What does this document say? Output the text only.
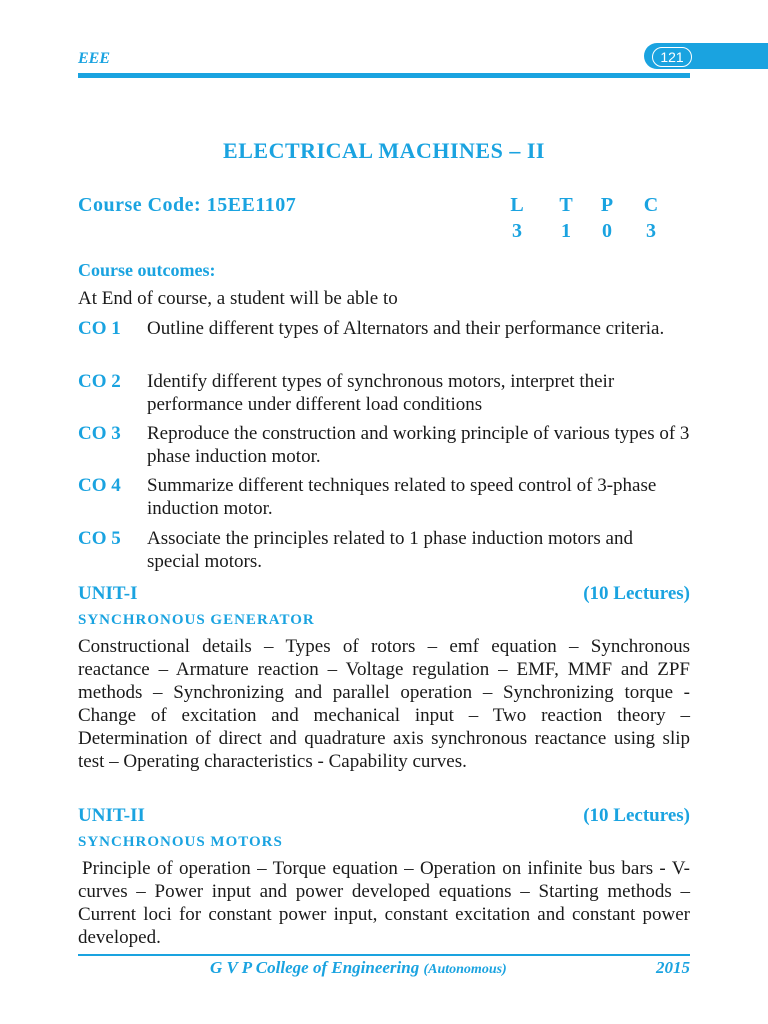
EEE	121
ELECTRICAL MACHINES – II
Course Code: 15EE1107	L T P C
3	1	0	3
Course outcomes:
At End of course, a student will be able to
CO 1 Outline different types of Alternators and their performance criteria.
CO 2 Identify different types of synchronous motors, interpret their performance under different load conditions
CO 3 Reproduce the construction and working principle of various types of 3 phase induction motor.
CO 4 Summarize different techniques related to speed control of 3-phase induction motor.
CO 5 Associate the principles related to 1 phase induction motors and special motors.
UNIT-I	(10 Lectures)
SYNCHRONOUS GENERATOR
Constructional details – Types of rotors – emf equation – Synchronous reactance – Armature reaction – Voltage regulation – EMF, MMF and ZPF methods – Synchronizing and parallel operation – Synchronizing torque - Change of excitation and mechanical input – Two reaction theory – Determination of direct and quadrature axis synchronous reactance using slip test – Operating characteristics - Capability curves.
UNIT-II	(10 Lectures)
SYNCHRONOUS MOTORS
Principle of operation – Torque equation – Operation on infinite bus bars - V-curves – Power input and power developed equations – Starting methods – Current loci for constant power input, constant excitation and constant power developed.
G V P College of Engineering (Autonomous)	2015
